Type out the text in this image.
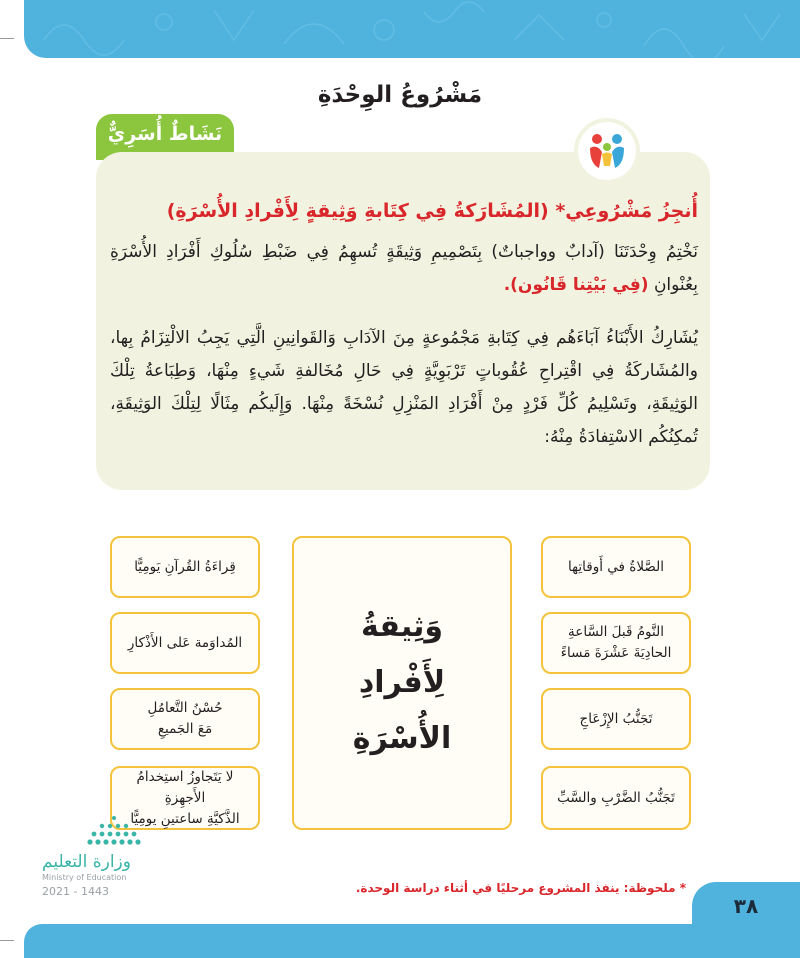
مَشْرُوعُ الوِحْدَةِ
نَشَاطٌ أُسَرِيٌّ
أُنجِزُ مَشْرُوعِي* (المُشَارَكةُ فِي كِتَابةِ وَثِيقةٍ لِأَفْرادِ الأُسْرَةِ)

نَخْتِمُ وِحْدَتَنَا (آدابٌ وواجباتٌ) بِتَصْمِيمِ وَثِيقَةٍ تُسهِمُ فِي ضَبْطِ سُلُوكِ أَفْرَادِ الأُسْرَةِ بِعُنْوانِ (فِي بَيْتِنا قَانُون).

يُشَارِكُ الأَبْنَاءُ آبَاءَهُم فِي كِتَابةِ مَجْمُوعةٍ مِنَ الآدَابِ وَالقَوانِينِ الَّتِي يَجِبُ الالْتِزَامُ بِها، والمُشَاركَةُ فِي اقْتِراحِ عُقُوباتٍ تَرْبَوِيَّةٍ فِي حَالِ مُخَالفةِ شَيءٍ مِنْهَا، وَطِبَاعةُ تِلْكَ الوَثِيقَةِ، وتَسْلِيمُ كُلِّ فَرْدٍ مِنْ أَفْرَادِ المَنْزِلِ نُسْخَةً مِنْهَا. وَإِلَيكُم مِثَالًا لِتِلْكَ الوَثِيقَةِ، تُمكِنُكُم الاسْتِفادَةُ مِنْهُ:

وَثِيقةُ
لِأَفْرادِ
الأُسْرَةِ
الصَّلاةُ في أَوقاتِها
النَّومُ قَبلَ السَّاعةِ
الحادِيَةَ عَشْرَةَ مَساءً
تَجَنُّبُ الإِزْعَاجِ
تَجَنُّبُ الضَّرْبِ والسَّبِّ
قِراءَةُ القُرآنِ يَومِيًّا
المُداوَمة عَلى الأَذْكارِ
حُسْنُ التَّعامُلِ
مَعَ الجَميعِ
لا يَتَجاوزُ استِخدامُ الأَجهِزةِ
الذَّكيَّةِ ساعتينِ يومِيًّا
وزارة التعليم
Ministry of Education
2021 - 1443	* ملحوظة: ينفذ المشروع مرحليًا في أثناء دراسة الوحدة.
٣٨
